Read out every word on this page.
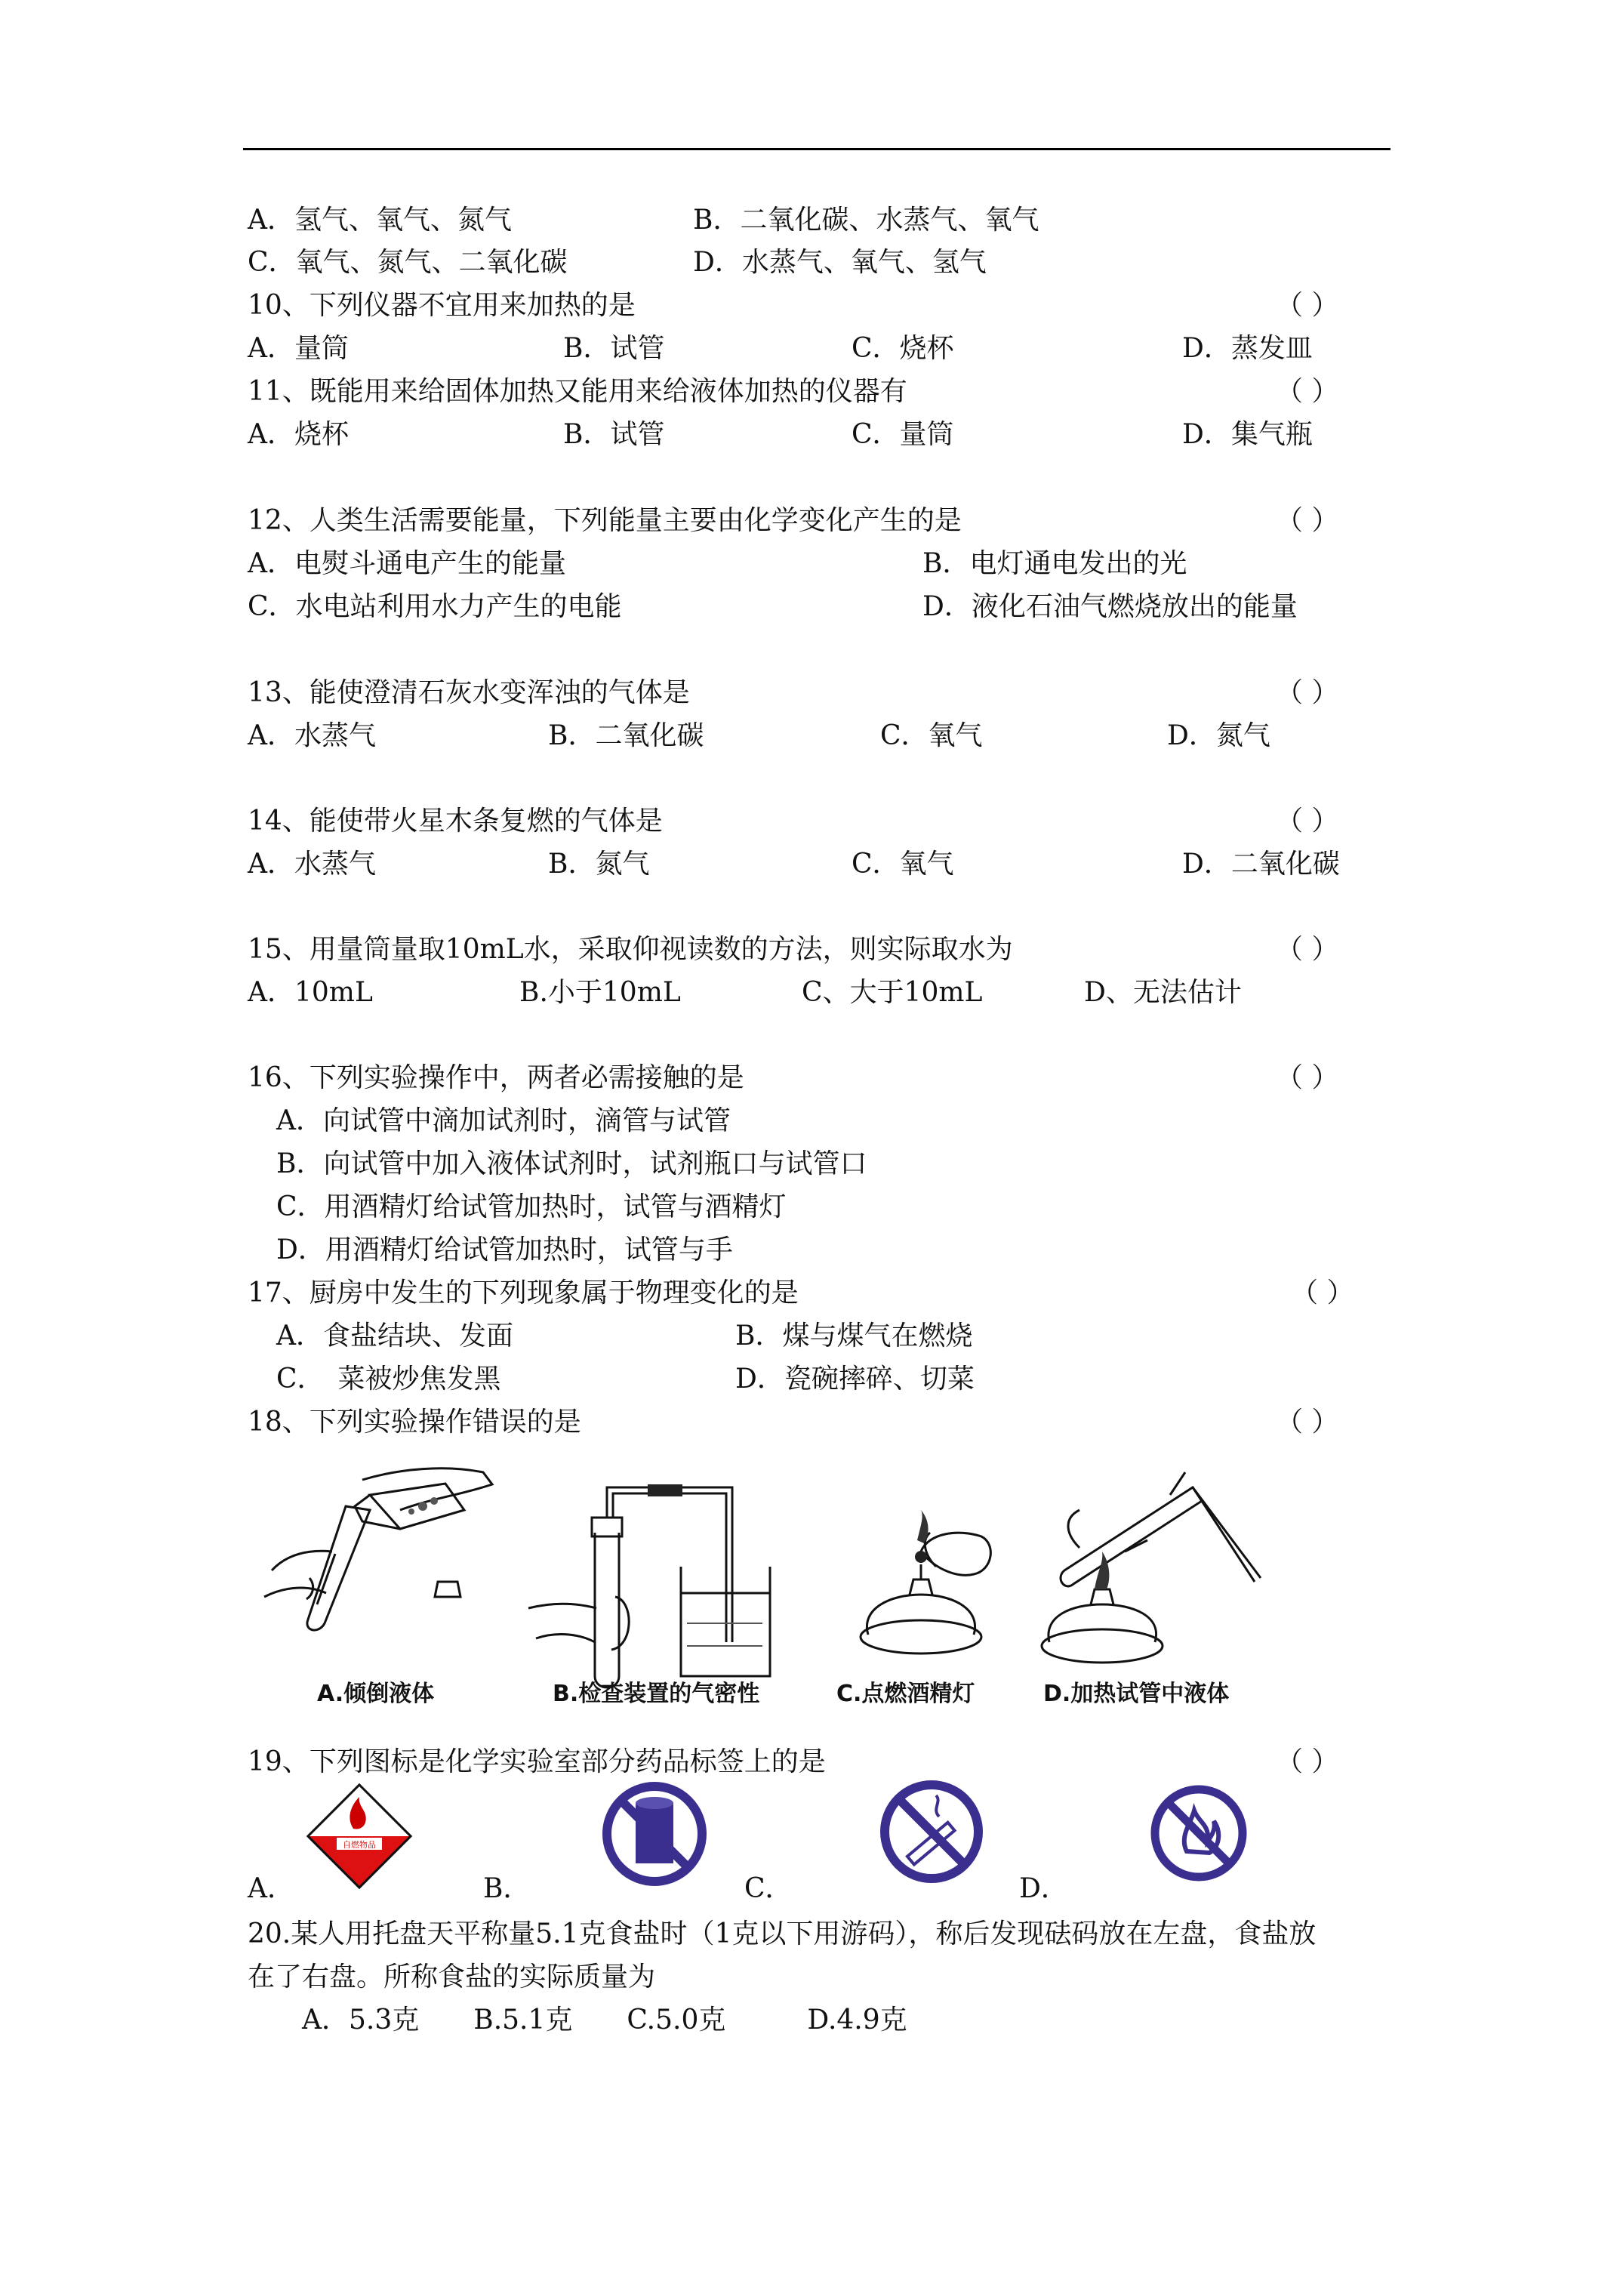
A．氢气、氧气、氮气	B．二氧化碳、水蒸气、氧气
C．氧气、氮气、二氧化碳	D．水蒸气、氧气、氢气
10、下列仪器不宜用来加热的是	（ ）
A．量筒	B．试管	C．烧杯	D．蒸发皿
11、既能用来给固体加热又能用来给液体加热的仪器有	（ ）
A．烧杯	B．试管	C．量筒	D．集气瓶
12、人类生活需要能量，下列能量主要由化学变化产生的是	（ ）
A．电熨斗通电产生的能量	B．电灯通电发出的光
C．水电站利用水力产生的电能	D．液化石油气燃烧放出的能量
13、能使澄清石灰水变浑浊的气体是	（ ）
A．水蒸气	B．二氧化碳	C．氧气	D．氮气
14、能使带火星木条复燃的气体是	（ ）
A．水蒸气	B．氮气	C．氧气	D．二氧化碳
15、用量筒量取10mL水，采取仰视读数的方法，则实际取水为	（ ）
A．10mL	B.小于10mL	C、大于10mL	D、无法估计
16、下列实验操作中，两者必需接触的是	（ ）
A．向试管中滴加试剂时，滴管与试管
B．向试管中加入液体试剂时，试剂瓶口与试管口
C．用酒精灯给试管加热时，试管与酒精灯
D．用酒精灯给试管加热时，试管与手
17、厨房中发生的下列现象属于物理变化的是	（ ）
A．食盐结块、发面	B．煤与煤气在燃烧
C．　菜被炒焦发黑	D．瓷碗摔碎、切菜
18、下列实验操作错误的是	（ ）
A.倾倒液体	B.检查装置的气密性	C.点燃酒精灯	D.加热试管中液体
19、下列图标是化学实验室部分药品标签上的是	（ ）
自燃物品
A．	B．	C．	D．
20.某人用托盘天平称量5.1克食盐时（1克以下用游码），称后发现砝码放在左盘，食盐放
在了右盘。所称食盐的实际质量为
A．5.3克　　B.5.1克　　C.5.0克　　　D.4.9克
